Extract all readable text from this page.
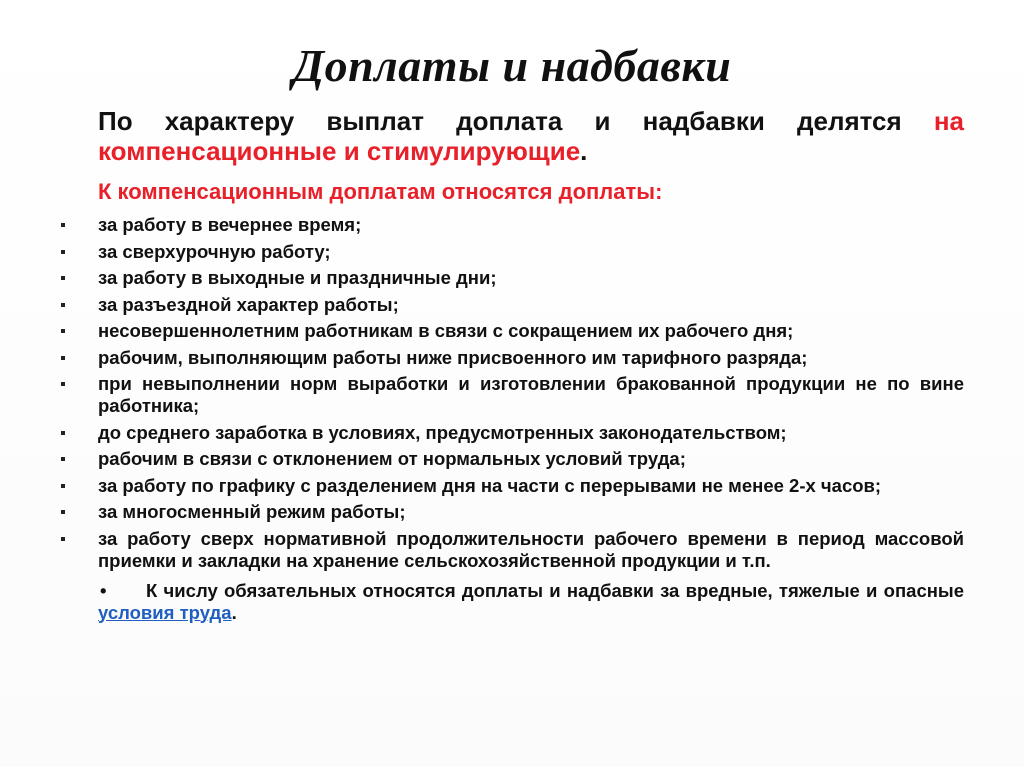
Доплаты и надбавки

По характеру выплат доплата и надбавки делятся на компенсационные и стимулирующие.

К компенсационным доплатам относятся доплаты:
за работу в вечернее время;
за сверхурочную работу;
за работу в выходные и праздничные дни;
за разъездной характер работы;
несовершеннолетним работникам в связи с сокращением их рабочего дня;
рабочим, выполняющим работы ниже присвоенного им тарифного разряда;
при невыполнении норм выработки и изготовлении бракованной продукции не по вине работника;
до среднего заработка в условиях, предусмотренных законодательством;
рабочим в связи с отклонением от нормальных условий труда;
за работу по графику с разделением дня на части с перерывами не менее 2-х часов;
за многосменный режим работы;
за работу сверх нормативной продолжительности рабочего времени в период массовой приемки и закладки на хранение сельскохозяйственной продукции и т.п.

• К числу обязательных относятся доплаты и надбавки за вредные, тяжелые и опасные условия труда.
